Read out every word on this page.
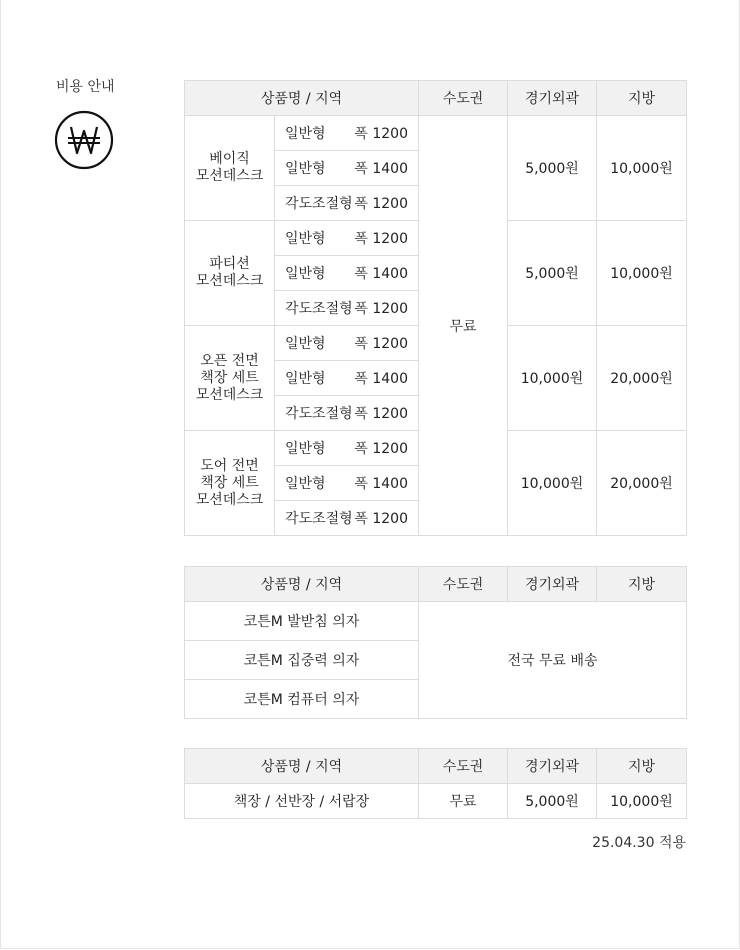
비용 안내
상품명 / 지역		수도권	경기외곽	지방

베이직
모션데스크	일반형 폭 1200	무료	5,000원	10,000원

	일반형 폭 1400			

	각도조절형 폭 1200			

파티션
모션데스크	일반형 폭 1200		5,000원	10,000원

	일반형 폭 1400			

	각도조절형 폭 1200			

오픈 전면
책장 세트
모션데스크	일반형 폭 1200		10,000원	20,000원

	일반형 폭 1400			

	각도조절형 폭 1200			

도어 전면
책장 세트
모션데스크	일반형 폭 1200		10,000원	20,000원

	일반형 폭 1400			

	각도조절형 폭 1200			
상품명 / 지역	수도권	경기외곽	지방
코튼M 발받침 의자	전국 무료 배송		
코튼M 집중력 의자			
코튼M 컴퓨터 의자			
상품명 / 지역	수도권	경기외곽	지방
책장 / 선반장 / 서랍장	무료	5,000원	10,000원
25.04.30 적용
